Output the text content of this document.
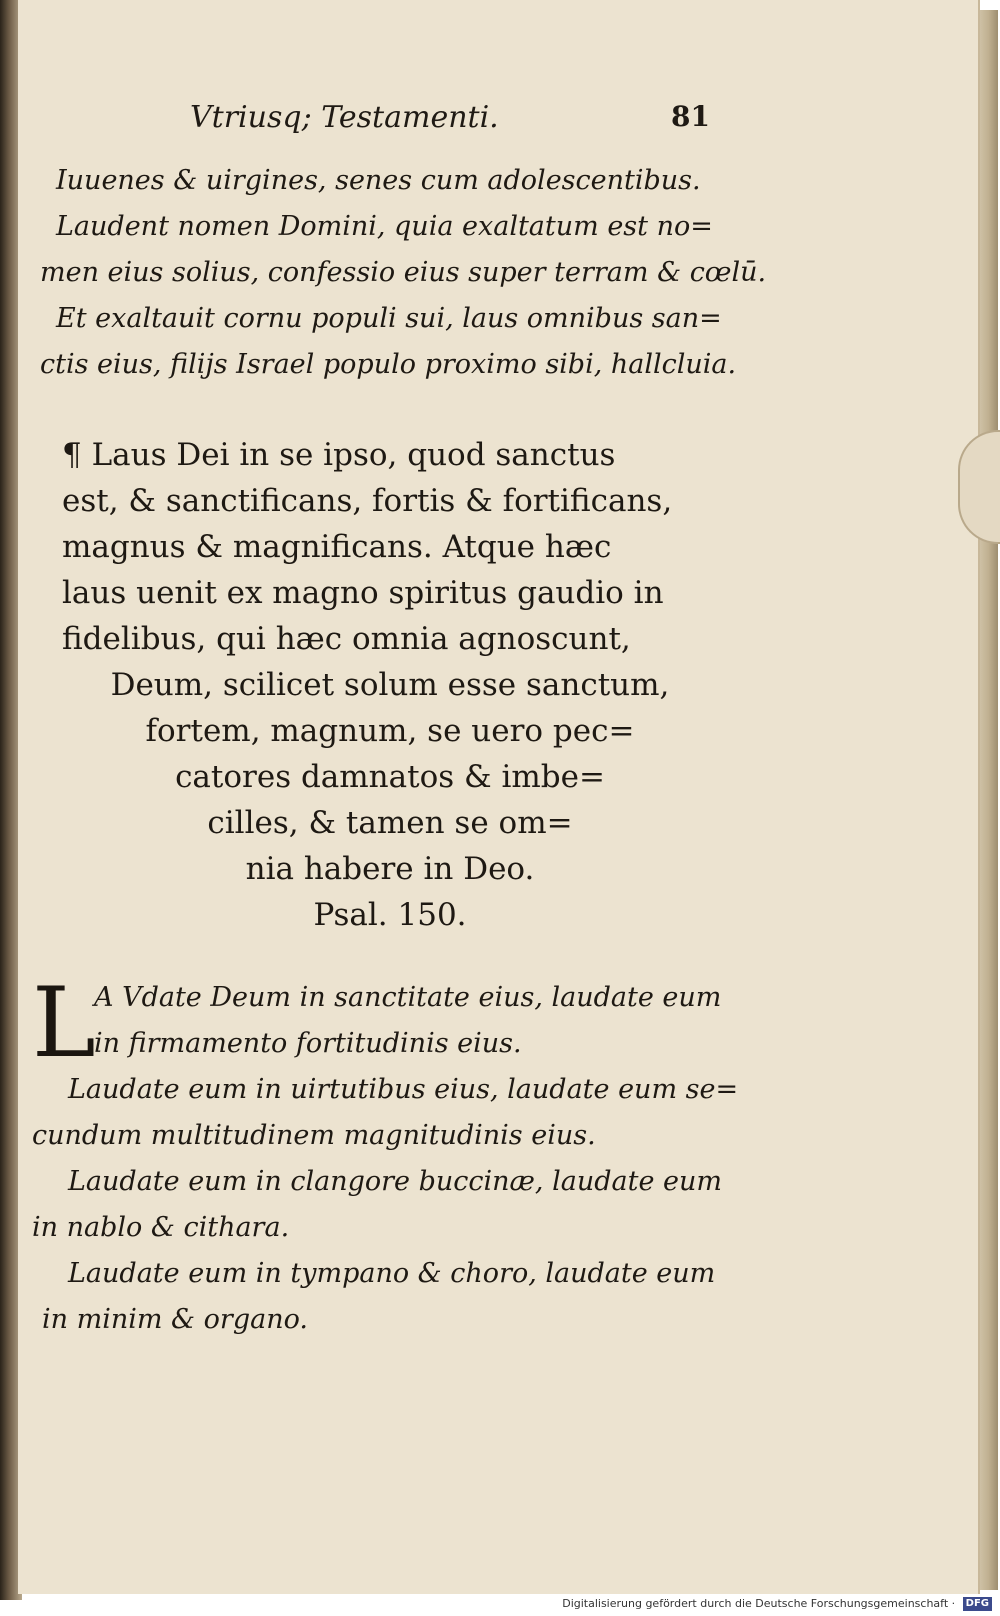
Vtriusq; Testamenti.	81
Iuuenes & uirgines, senes cum adolescentibus.
Laudent nomen Domini, quia exaltatum est no=
men eius solius, confessio eius super terram & cœlū.
Et exaltauit cornu populi sui, laus omnibus san=
ctis eius, filijs Israel populo proximo sibi, hallcluia.
¶ Laus Dei in se ipso, quod sanctus
est, & sanctificans, fortis & fortificans,
magnus & magnificans. Atque hæc
laus uenit ex magno spiritus gaudio in
fidelibus, qui hæc omnia agnoscunt,
Deum, scilicet solum esse sanctum,
fortem, magnum, se uero pec=
catores damnatos & imbe=
cilles, & tamen se om=
nia habere in Deo.
Psal. 150.
L
A Vdate Deum in sanctitate eius, laudate eum
in firmamento fortitudinis eius.
Laudate eum in uirtutibus eius, laudate eum se=
cundum multitudinem magnitudinis eius.
Laudate eum in clangore buccinæ, laudate eum
in nablo & cithara.
Laudate eum in tympano & choro, laudate eum
in minim & organo.
Digitalisierung gefördert durch die Deutsche Forschungsgemeinschaft · DFG
